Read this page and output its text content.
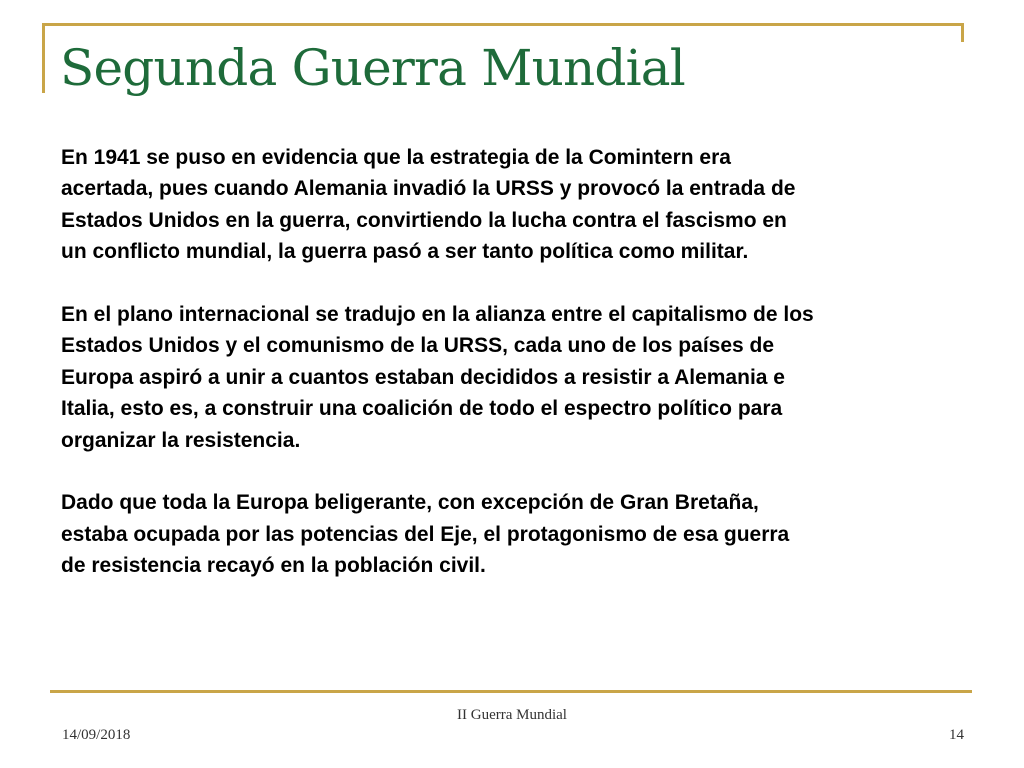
Segunda Guerra Mundial

En 1941 se puso en evidencia que la estrategia de la Comintern era
acertada, pues cuando Alemania invadió la URSS y provocó la entrada de
Estados Unidos en la guerra, convirtiendo la lucha contra el fascismo en
un conflicto mundial, la guerra pasó a ser tanto política como militar.

En el plano internacional se tradujo en la alianza entre el capitalismo de los
Estados Unidos y el comunismo de la URSS, cada uno de los países de
Europa aspiró a unir a cuantos estaban decididos a resistir a Alemania e
Italia, esto es, a construir una coalición de todo el espectro político para
organizar la resistencia.

Dado que toda la Europa beligerante, con excepción de Gran Bretaña,
estaba ocupada por las potencias del Eje, el protagonismo de esa guerra
de resistencia recayó en la población civil.

II Guerra Mundial
14/09/2018	14
